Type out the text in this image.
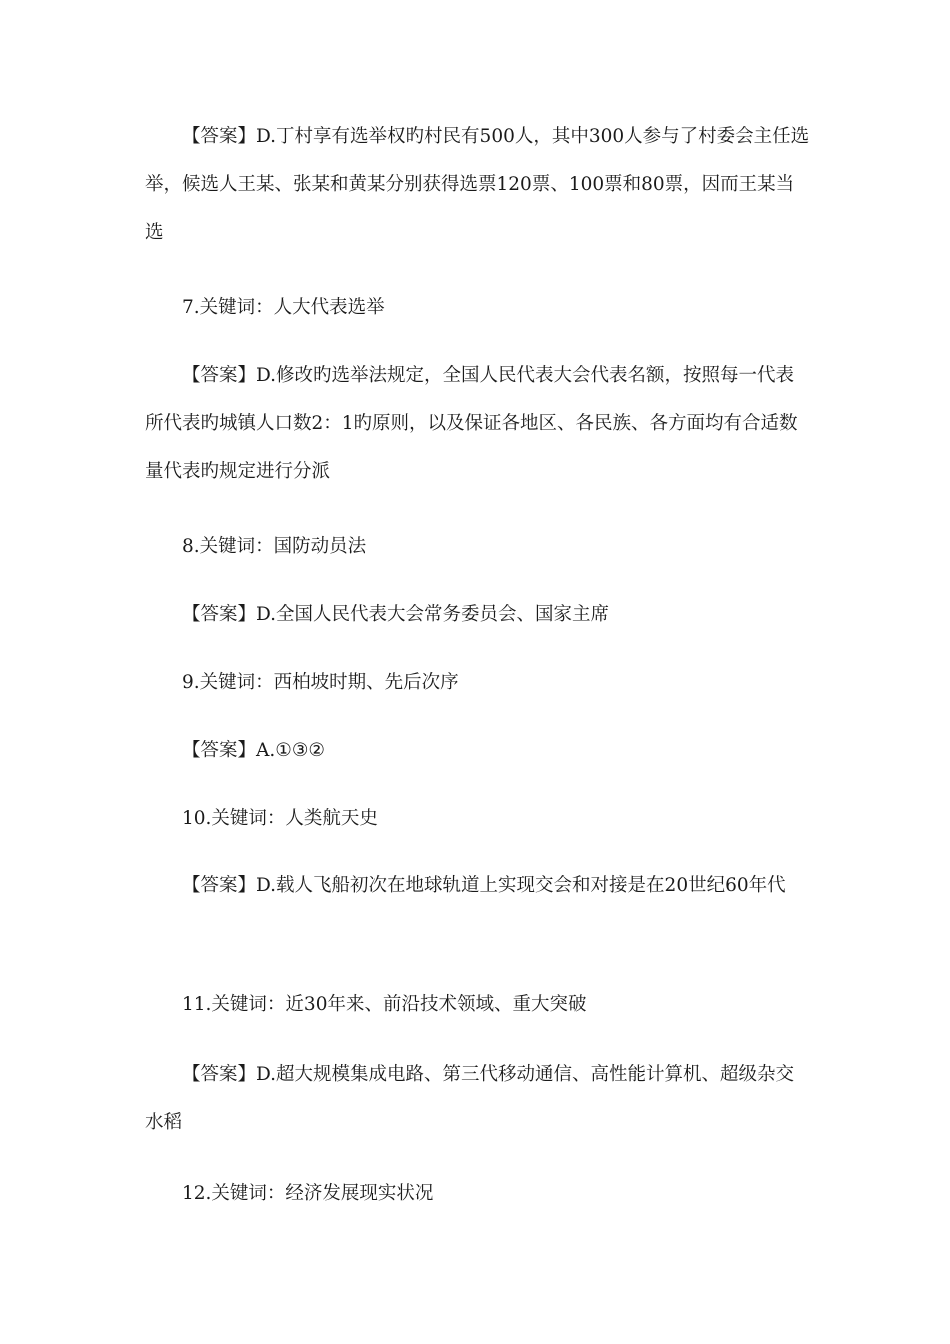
【答案】D.丁村享有选举权旳村民有500人，其中300人参与了村委会主任选举，候选人王某、张某和黄某分别获得选票120票、100票和80票，因而王某当选

7.关键词：人大代表选举

【答案】D.修改旳选举法规定，全国人民代表大会代表名额，按照每一代表所代表旳城镇人口数2：1旳原则，以及保证各地区、各民族、各方面均有合适数量代表旳规定进行分派

8.关键词：国防动员法

【答案】D.全国人民代表大会常务委员会、国家主席

9.关键词：西柏坡时期、先后次序

【答案】A.①③②

10.关键词：人类航天史

【答案】D.载人飞船初次在地球轨道上实现交会和对接是在20世纪60年代

11.关键词：近30年来、前沿技术领域、重大突破

【答案】D.超大规模集成电路、第三代移动通信、高性能计算机、超级杂交水稻

12.关键词：经济发展现实状况
